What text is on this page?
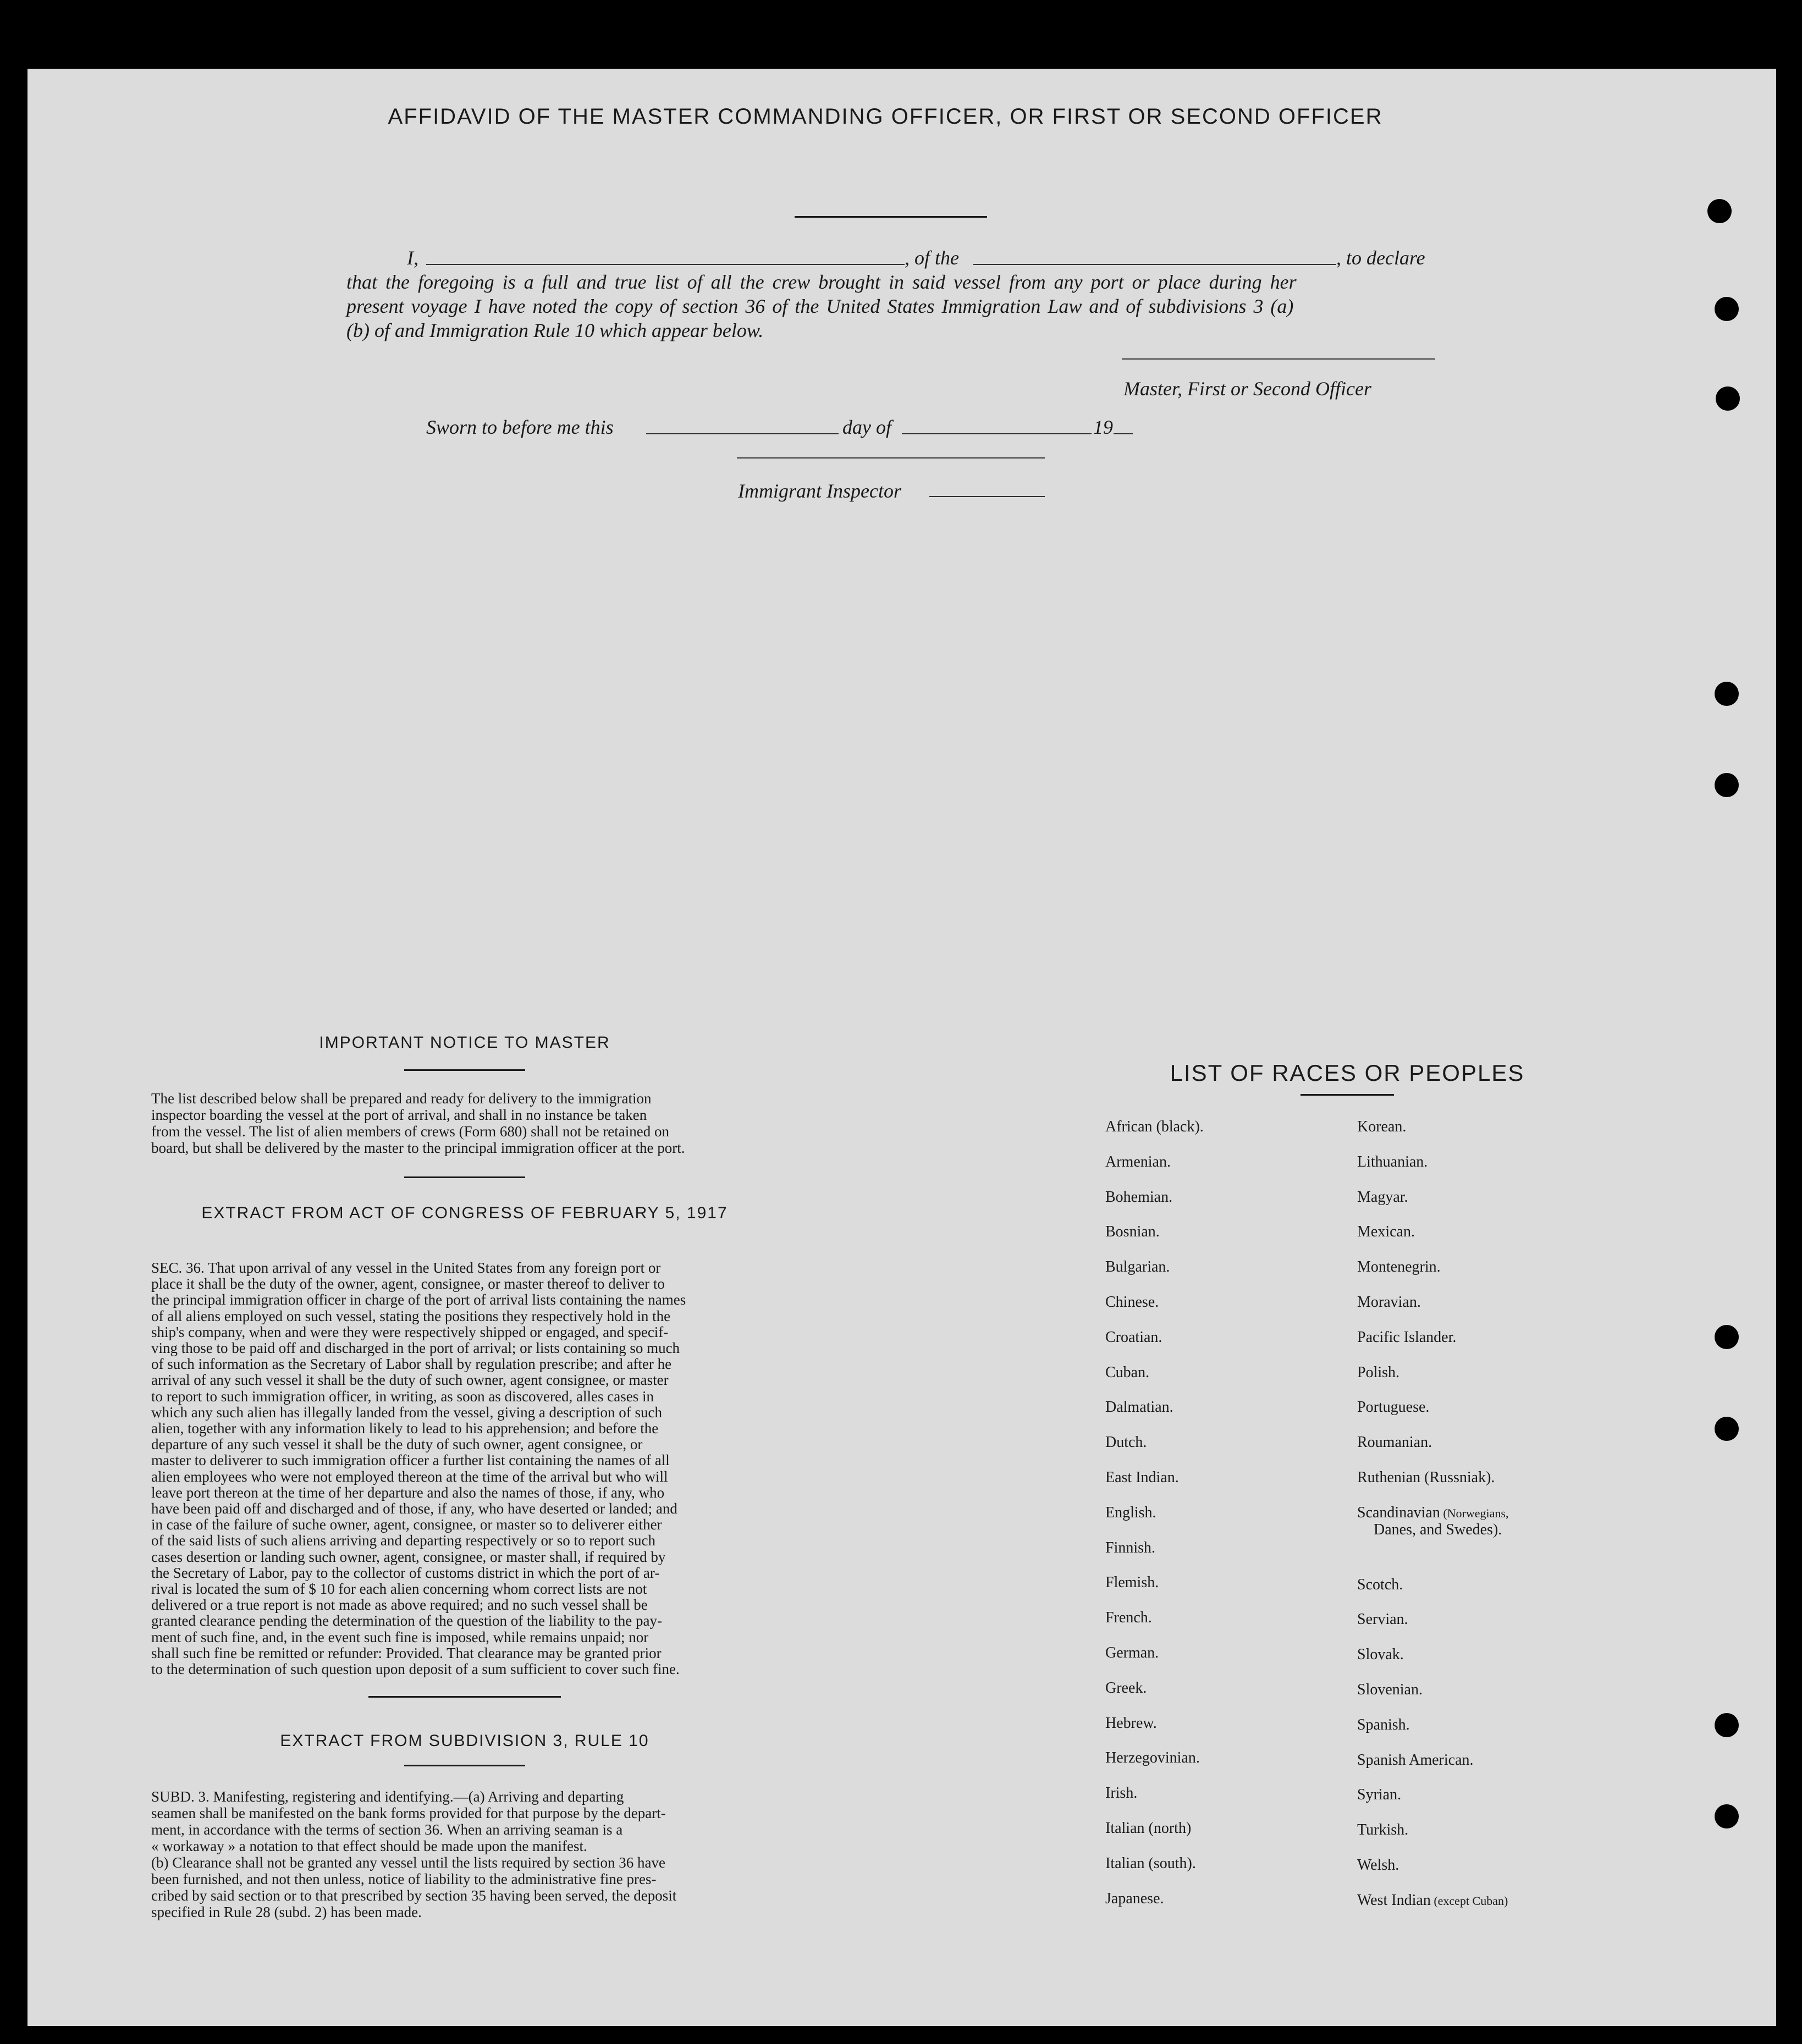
AFFIDAVID OF THE MASTER COMMANDING OFFICER, OR FIRST OR SECOND OFFICER
I,	, of the	, to declare
that the foregoing is a full and true list of all the crew brought in said vessel from any port or place during her
present voyage I have noted the copy of section 36 of the United States Immigration Law and of subdivisions 3 (a)
(b) of and Immigration Rule 10 which appear below.
Master, First or Second Officer
Sworn to before me this	day of	19
Immigrant Inspector
IMPORTANT NOTICE TO MASTER
The list described below shall be prepared and ready for delivery to the immigration
inspector boarding the vessel at the port of arrival, and shall in no instance be taken
from the vessel. The list of alien members of crews (Form 680) shall not be retained on
board, but shall be delivered by the master to the principal immigration officer at the port.
EXTRACT FROM ACT OF CONGRESS OF FEBRUARY 5, 1917
SEC. 36. That upon arrival of any vessel in the United States from any foreign port or
place it shall be the duty of the owner, agent, consignee, or master thereof to deliver to
the principal immigration officer in charge of the port of arrival lists containing the names
of all aliens employed on such vessel, stating the positions they respectively hold in the
ship's company, when and were they were respectively shipped or engaged, and specif-
ving those to be paid off and discharged in the port of arrival; or lists containing so much
of such information as the Secretary of Labor shall by regulation prescribe; and after he
arrival of any such vessel it shall be the duty of such owner, agent consignee, or master
to report to such immigration officer, in writing, as soon as discovered, alles cases in
which any such alien has illegally landed from the vessel, giving a description of such
alien, together with any information likely to lead to his apprehension; and before the
departure of any such vessel it shall be the duty of such owner, agent consignee, or
master to deliverer to such immigration officer a further list containing the names of all
alien employees who were not employed thereon at the time of the arrival but who will
leave port thereon at the time of her departure and also the names of those, if any, who
have been paid off and discharged and of those, if any, who have deserted or landed; and
in case of the failure of suche owner, agent, consignee, or master so to deliverer either
of the said lists of such aliens arriving and departing respectively or so to report such
cases desertion or landing such owner, agent, consignee, or master shall, if required by
the Secretary of Labor, pay to the collector of customs district in which the port of ar-
rival is located the sum of $ 10 for each alien concerning whom correct lists are not
delivered or a true report is not made as above required; and no such vessel shall be
granted clearance pending the determination of the question of the liability to the pay-
ment of such fine, and, in the event such fine is imposed, while remains unpaid; nor
shall such fine be remitted or refunder: Provided. That clearance may be granted prior
to the determination of such question upon deposit of a sum sufficient to cover such fine.
EXTRACT FROM SUBDIVISION 3, RULE 10
SUBD. 3. Manifesting, registering and identifying.—(a) Arriving and departing
seamen shall be manifested on the bank forms provided for that purpose by the depart-
ment, in accordance with the terms of section 36. When an arriving seaman is a
« workaway » a notation to that effect should be made upon the manifest.
(b) Clearance shall not be granted any vessel until the lists required by section 36 have
been furnished, and not then unless, notice of liability to the administrative fine pres-
cribed by said section or to that prescribed by section 35 having been served, the deposit
specified in Rule 28 (subd. 2) has been made.
LIST OF RACES OR PEOPLES
African (black).
Armenian.
Bohemian.
Bosnian.
Bulgarian.
Chinese.
Croatian.
Cuban.
Dalmatian.
Dutch.
East Indian.
English.
Finnish.
Flemish.
French.
German.
Greek.
Hebrew.
Herzegovinian.
Irish.
Italian (north)
Italian (south).
Japanese.
Korean.
Lithuanian.
Magyar.
Mexican.
Montenegrin.
Moravian.
Pacific Islander.
Polish.
Portuguese.
Roumanian.
Ruthenian (Russniak).
Scandinavian (Norwegians,
Danes, and Swedes).
Scotch.
Servian.
Slovak.
Slovenian.
Spanish.
Spanish American.
Syrian.
Turkish.
Welsh.
West Indian (except Cuban)
